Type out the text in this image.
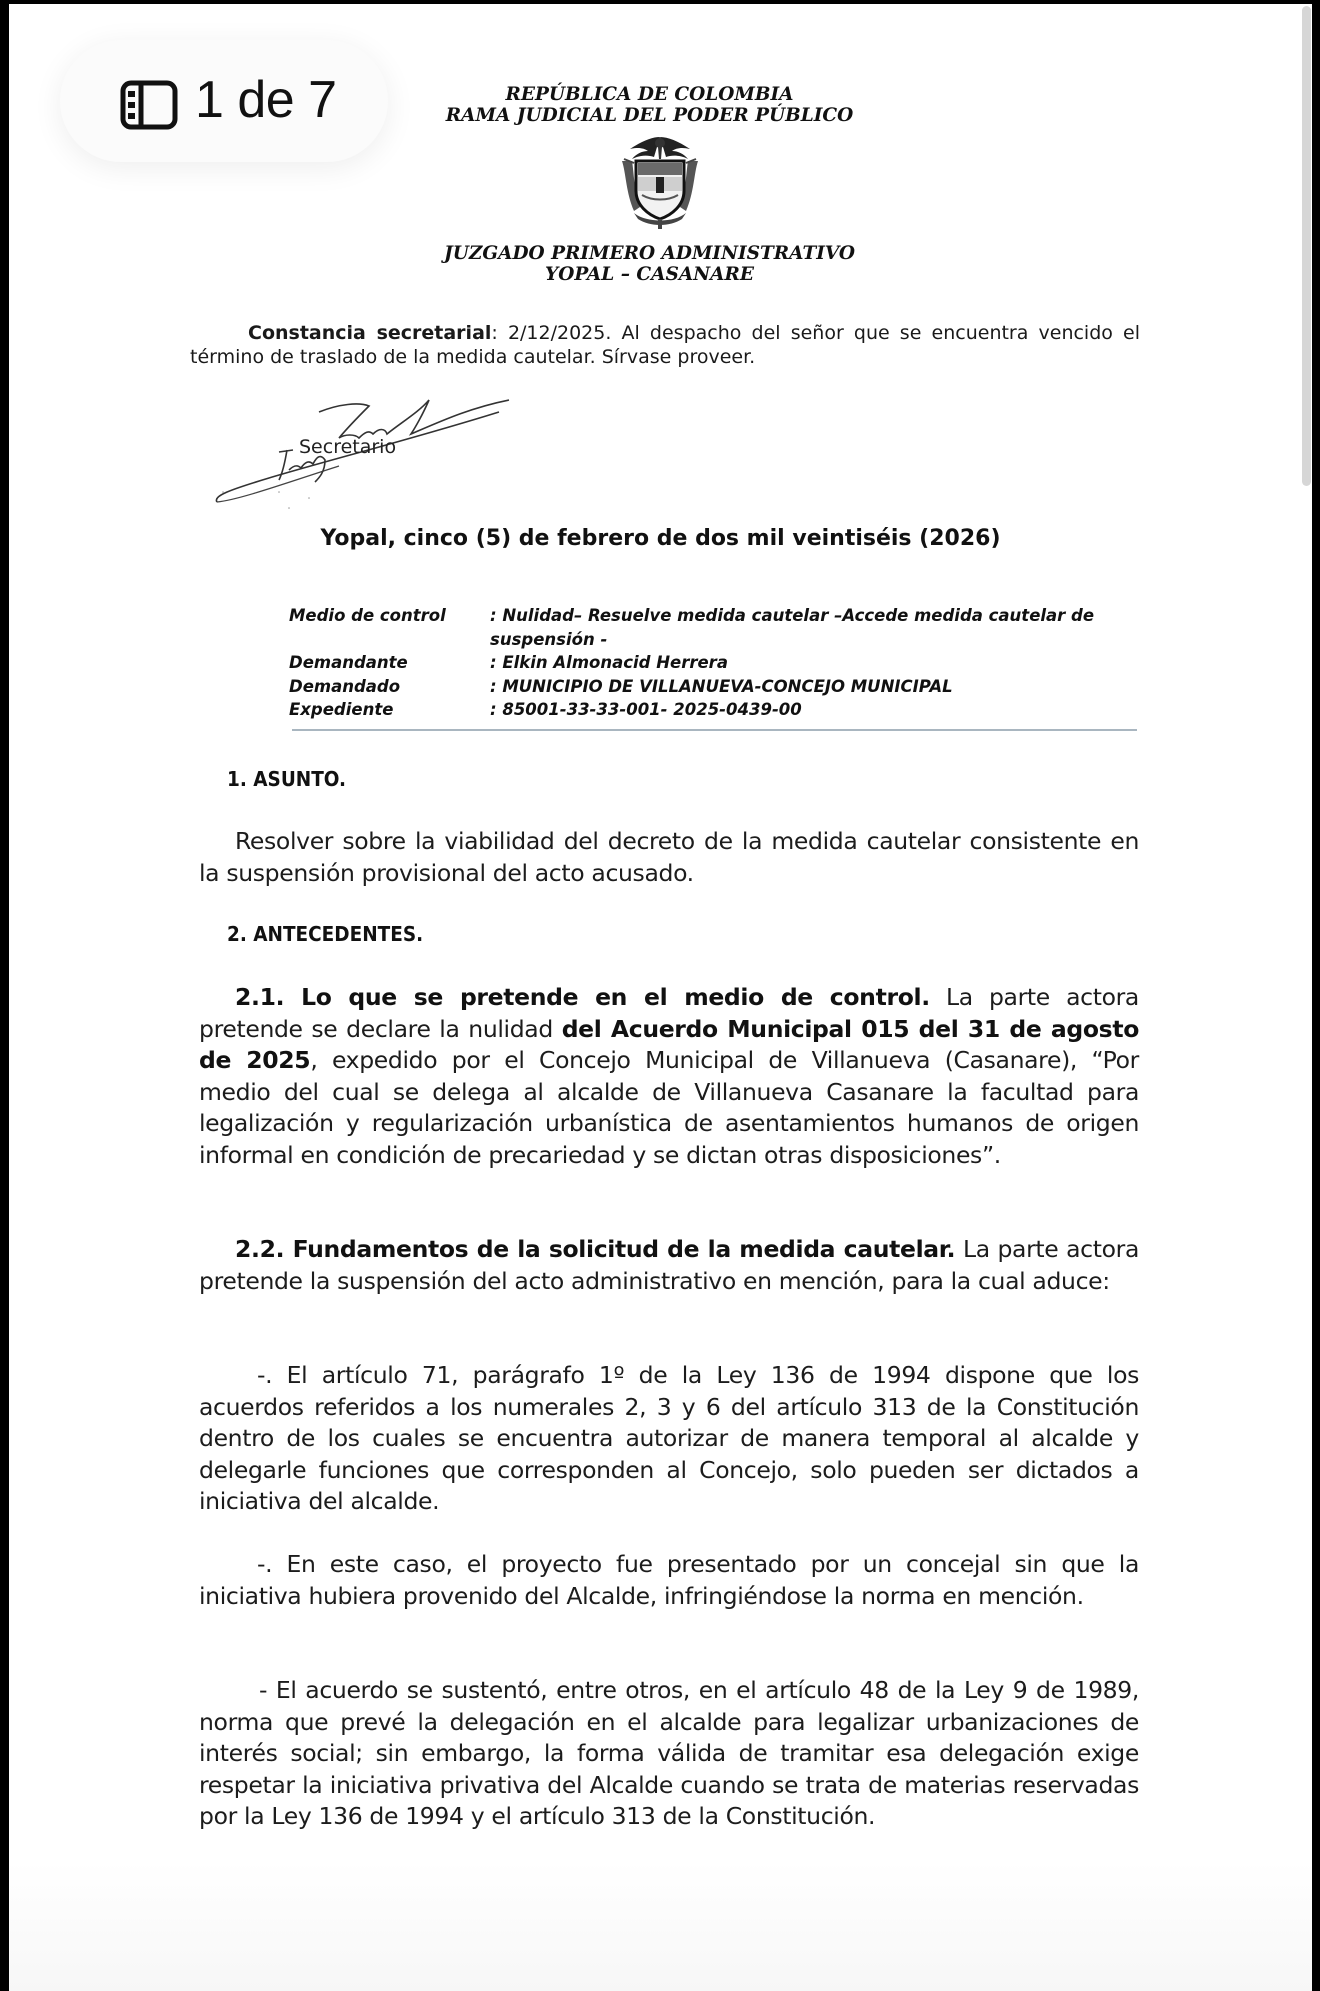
REPÚBLICA DE COLOMBIA
RAMA JUDICIAL DEL PODER PÚBLICO
JUZGADO PRIMERO ADMINISTRATIVO
YOPAL – CASANARE
Constancia secretarial: 2/12/2025. Al despacho del señor que se encuentra vencido el término de traslado de la medida cautelar. Sírvase proveer.
Secretario
Yopal, cinco (5) de febrero de dos mil veintiséis (2026)
Medio de control	: Nulidad– Resuelve medida cautelar –Accede medida cautelar de suspensión -
Demandante	: Elkin Almonacid Herrera
Demandado	: MUNICIPIO DE VILLANUEVA-CONCEJO MUNICIPAL
Expediente	: 85001-33-33-001- 2025-0439-00
1. ASUNTO.
Resolver sobre la viabilidad del decreto de la medida cautelar consistente en la suspensión provisional del acto acusado.
2. ANTECEDENTES.
2.1. Lo que se pretende en el medio de control. La parte actora pretende se declare la nulidad del Acuerdo Municipal 015 del 31 de agosto de 2025, expedido por el Concejo Municipal de Villanueva (Casanare), “Por medio del cual se delega al alcalde de Villanueva Casanare la facultad para legalización y regularización urbanística de asentamientos humanos de origen informal en condición de precariedad y se dictan otras disposiciones”.
2.2. Fundamentos de la solicitud de la medida cautelar. La parte actora pretende la suspensión del acto administrativo en mención, para la cual aduce:
-. El artículo 71, parágrafo 1º de la Ley 136 de 1994 dispone que los acuerdos referidos a los numerales 2, 3 y 6 del artículo 313 de la Constitución dentro de los cuales se encuentra autorizar de manera temporal al alcalde y delegarle funciones que corresponden al Concejo, solo pueden ser dictados a iniciativa del alcalde.
-. En este caso, el proyecto fue presentado por un concejal sin que la iniciativa hubiera provenido del Alcalde, infringiéndose la norma en mención.
- El acuerdo se sustentó, entre otros, en el artículo 48 de la Ley 9 de 1989, norma que prevé la delegación en el alcalde para legalizar urbanizaciones de interés social; sin embargo, la forma válida de tramitar esa delegación exige respetar la iniciativa privativa del Alcalde cuando se trata de materias reservadas por la Ley 136 de 1994 y el artículo 313 de la Constitución.
1 de 7
